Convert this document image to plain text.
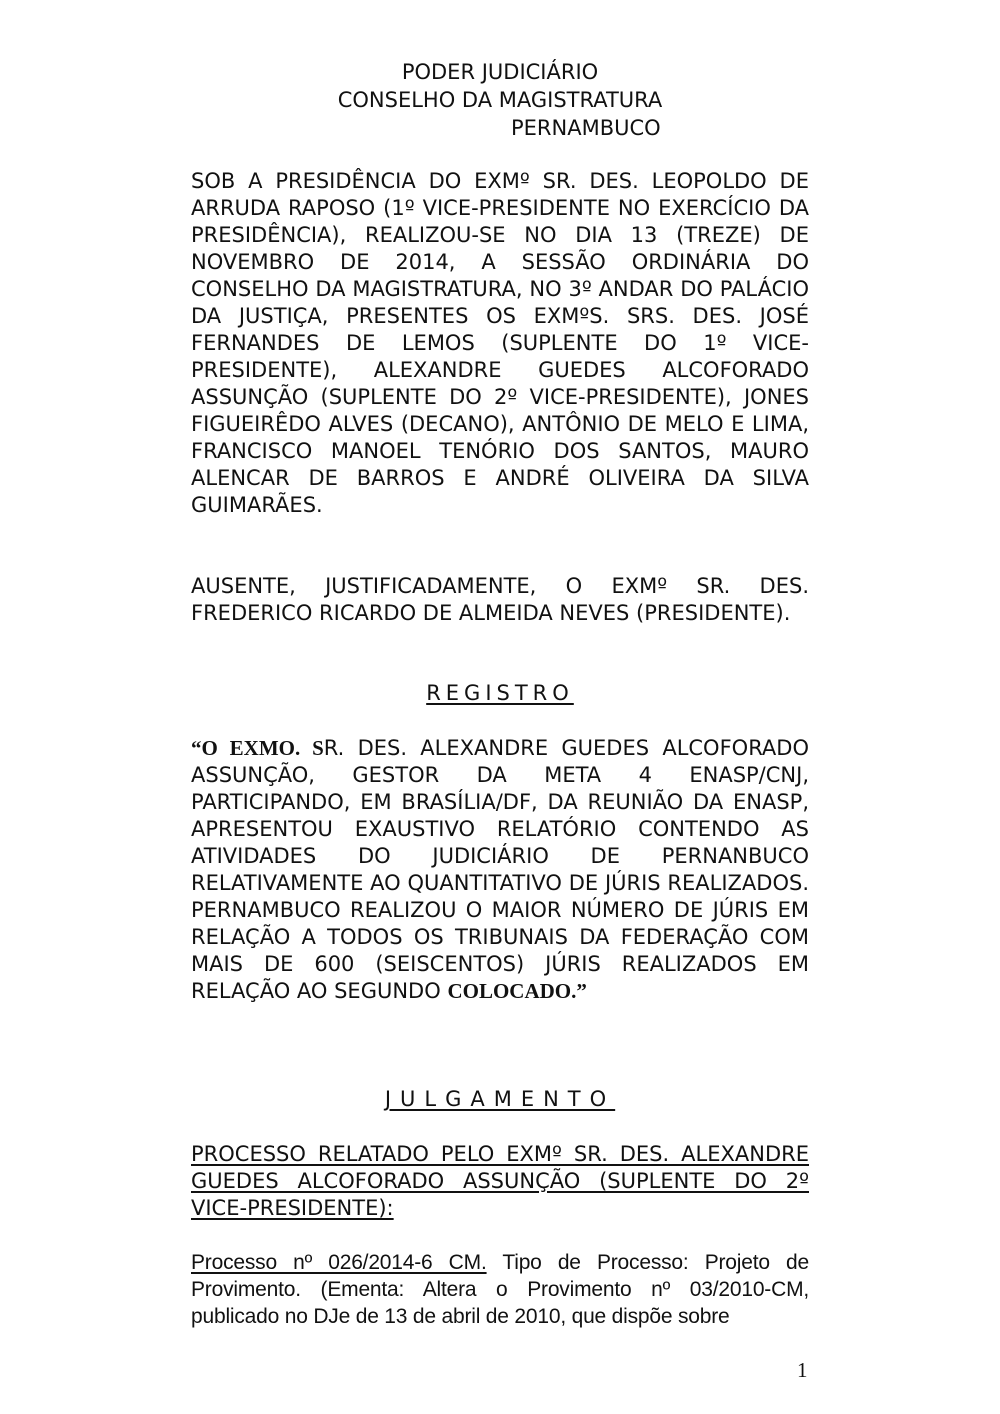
PODER JUDICIÁRIO
CONSELHO DA MAGISTRATURA
PERNAMBUCO
SOB A PRESIDÊNCIA DO EXMº SR. DES. LEOPOLDO DE ARRUDA RAPOSO (1º VICE-PRESIDENTE NO EXERCÍCIO DA PRESIDÊNCIA), REALIZOU-SE NO DIA 13 (TREZE) DE NOVEMBRO DE 2014, A SESSÃO ORDINÁRIA DO CONSELHO DA MAGISTRATURA, NO 3º ANDAR DO PALÁCIO DA JUSTIÇA, PRESENTES OS EXMºS. SRS. DES. JOSÉ FERNANDES DE LEMOS (SUPLENTE DO 1º VICE-PRESIDENTE), ALEXANDRE GUEDES ALCOFORADO ASSUNÇÃO (SUPLENTE DO 2º VICE-PRESIDENTE), JONES FIGUEIRÊDO ALVES (DECANO), ANTÔNIO DE MELO E LIMA, FRANCISCO MANOEL TENÓRIO DOS SANTOS, MAURO ALENCAR DE BARROS E ANDRÉ OLIVEIRA DA SILVA GUIMARÃES.
AUSENTE, JUSTIFICADAMENTE, O EXMº SR. DES. FREDERICO RICARDO DE ALMEIDA NEVES (PRESIDENTE).
REGISTRO
“O EXMO. SR. DES. ALEXANDRE GUEDES ALCOFORADO ASSUNÇÃO, GESTOR DA META 4 ENASP/CNJ, PARTICIPANDO, EM BRASÍLIA/DF, DA REUNIÃO DA ENASP, APRESENTOU EXAUSTIVO RELATÓRIO CONTENDO AS ATIVIDADES DO JUDICIÁRIO DE PERNANBUCO RELATIVAMENTE AO QUANTITATIVO DE JÚRIS REALIZADOS. PERNAMBUCO REALIZOU O MAIOR NÚMERO DE JÚRIS EM RELAÇÃO A TODOS OS TRIBUNAIS DA FEDERAÇÃO COM MAIS DE 600 (SEISCENTOS) JÚRIS REALIZADOS EM RELAÇÃO AO SEGUNDO COLOCADO.”
JULGAMENTO
PROCESSO RELATADO PELO EXMº SR. DES. ALEXANDRE GUEDES ALCOFORADO ASSUNÇÃO (SUPLENTE DO 2º VICE-PRESIDENTE):
Processo nº 026/2014-6 CM. Tipo de Processo: Projeto de Provimento. (Ementa: Altera o Provimento nº 03/2010-CM, publicado no DJe de 13 de abril de 2010, que dispõe sobre
1
